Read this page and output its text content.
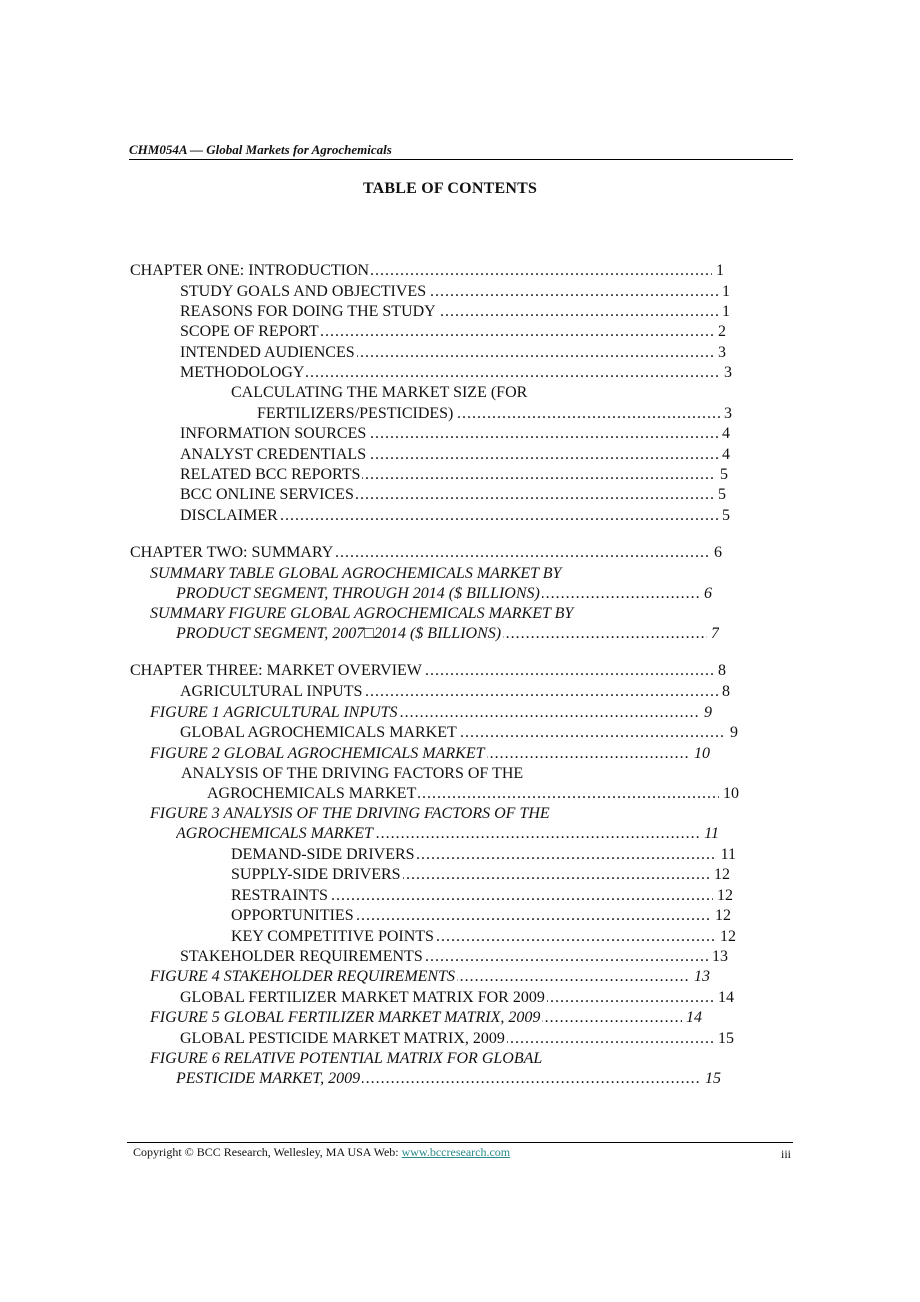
CHM054A — Global Markets for Agrochemicals
TABLE OF CONTENTS
.....
CHAPTER ONE: INTRODUCTION	1
.....
STUDY GOALS AND OBJECTIVES	1
.....
REASONS FOR DOING THE STUDY	1
.....
SCOPE OF REPORT	2
.....
INTENDED AUDIENCES	3
.....
METHODOLOGY	3
CALCULATING THE MARKET SIZE (FOR
.....
FERTILIZERS/PESTICIDES)	3
.....
INFORMATION SOURCES	4
.....
ANALYST CREDENTIALS	4
.....
RELATED BCC REPORTS	5
.....
BCC ONLINE SERVICES	5
.....
DISCLAIMER	5
.....
CHAPTER TWO: SUMMARY	6
SUMMARY TABLE GLOBAL AGROCHEMICALS MARKET BY
.....
PRODUCT SEGMENT, THROUGH 2014 ($ BILLIONS)	6
SUMMARY FIGURE GLOBAL AGROCHEMICALS MARKET BY
.....
PRODUCT SEGMENT, 2007□2014 ($ BILLIONS)	7
.....
CHAPTER THREE: MARKET OVERVIEW	8
.....
AGRICULTURAL INPUTS	8
.....
FIGURE 1 AGRICULTURAL INPUTS	9
.....
GLOBAL AGROCHEMICALS MARKET	9
.....
FIGURE 2 GLOBAL AGROCHEMICALS MARKET	10
ANALYSIS OF THE DRIVING FACTORS OF THE
.....
AGROCHEMICALS MARKET	10
FIGURE 3 ANALYSIS OF THE DRIVING FACTORS OF THE
.....
AGROCHEMICALS MARKET	11
.....
DEMAND-SIDE DRIVERS	11
.....
SUPPLY-SIDE DRIVERS	12
.....
RESTRAINTS	12
.....
OPPORTUNITIES	12
.....
KEY COMPETITIVE POINTS	12
.....
STAKEHOLDER REQUIREMENTS	13
.....
FIGURE 4 STAKEHOLDER REQUIREMENTS	13
.....
GLOBAL FERTILIZER MARKET MATRIX FOR 2009	14
.....
FIGURE 5 GLOBAL FERTILIZER MARKET MATRIX, 2009	14
.....
GLOBAL PESTICIDE MARKET MATRIX, 2009	15
FIGURE 6 RELATIVE POTENTIAL MATRIX FOR GLOBAL
.....
PESTICIDE MARKET, 2009	15
Copyright © BCC Research, Wellesley, MA USA Web: www.bccresearch.com	iii
